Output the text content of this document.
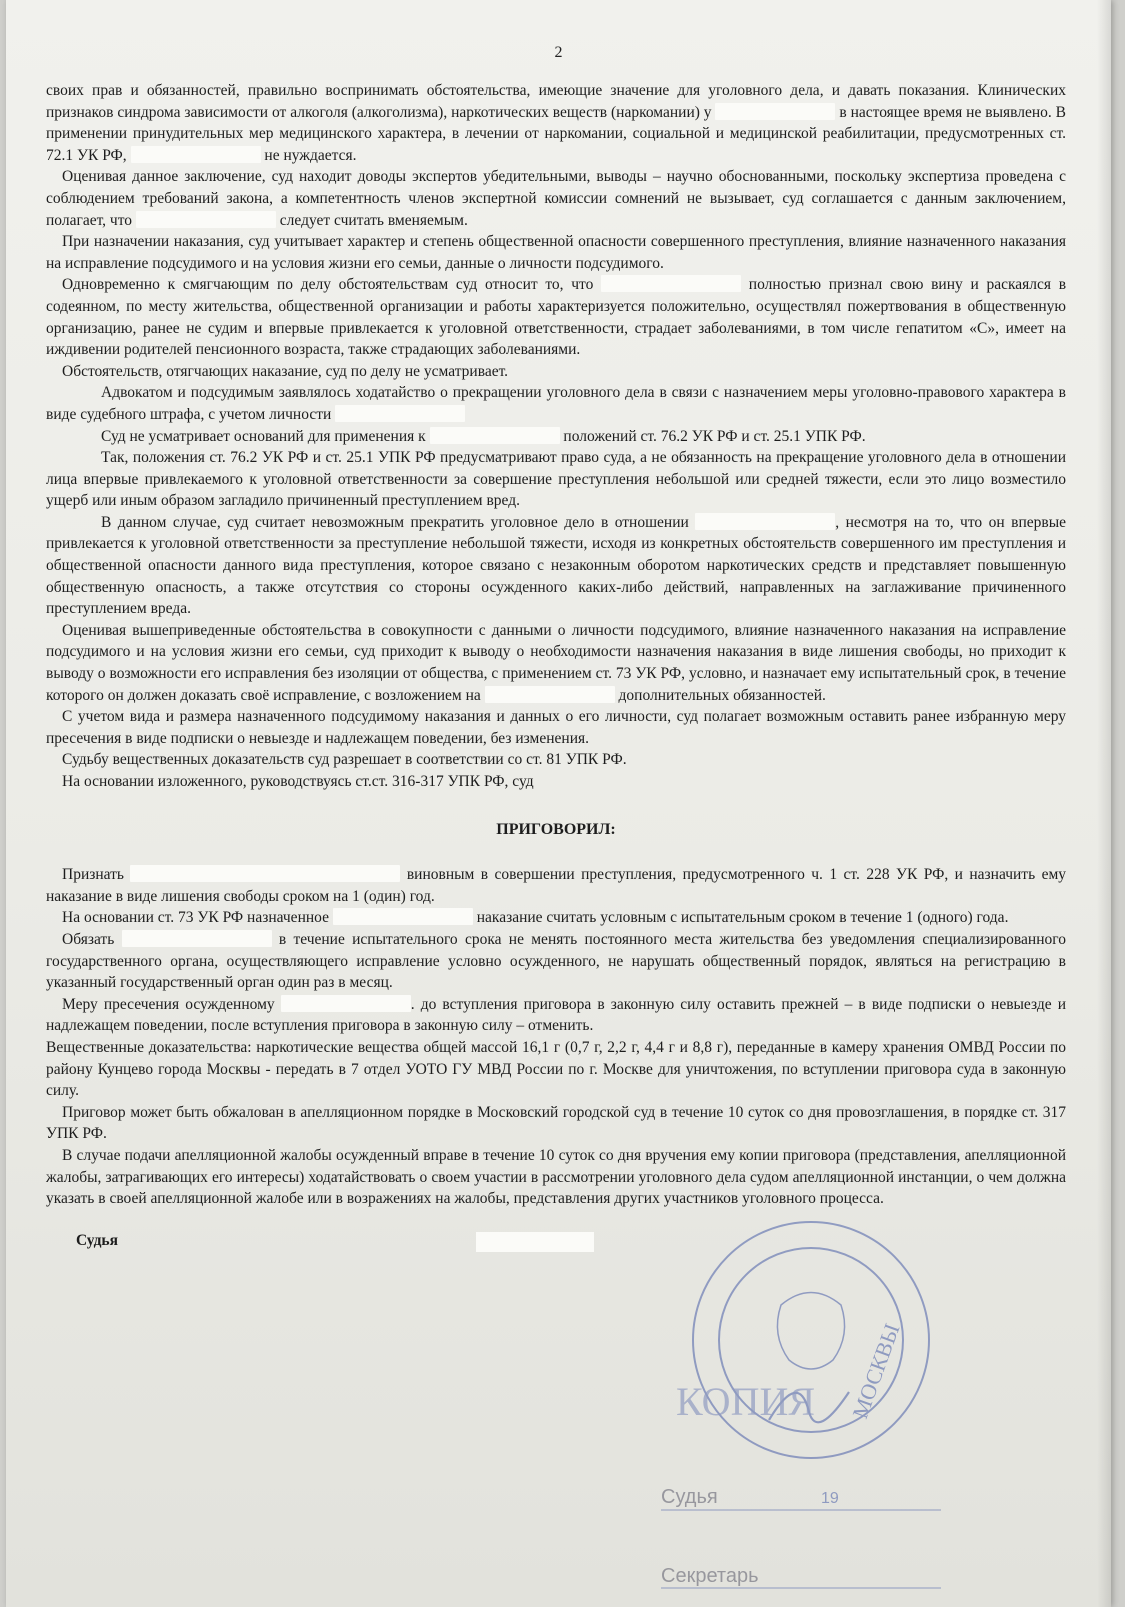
2

своих прав и обязанностей, правильно воспринимать обстоятельства, имеющие значение для уголовного дела, и давать показания. Клинических признаков синдрома зависимости от алкоголя (алкоголизма), наркотических веществ (наркомании) у	в настоящее время не выявлено. В применении принудительных мер медицинского характера, в лечении от наркомании, социальной и медицинской реабилитации, предусмотренных ст. 72.1 УК РФ,	не нуждается.

Оценивая данное заключение, суд находит доводы экспертов убедительными, выводы – научно обоснованными, поскольку экспертиза проведена с соблюдением требований закона, а компетентность членов экспертной комиссии сомнений не вызывает, суд соглашается с данным заключением, полагает, что	следует считать вменяемым.

При назначении наказания, суд учитывает характер и степень общественной опасности совершенного преступления, влияние назначенного наказания на исправление подсудимого и на условия жизни его семьи, данные о личности подсудимого.

Одновременно к смягчающим по делу обстоятельствам суд относит то, что	полностью признал свою вину и раскаялся в содеянном, по месту жительства, общественной организации и работы характеризуется положительно, осуществлял пожертвования в общественную организацию, ранее не судим и впервые привлекается к уголовной ответственности, страдает заболеваниями, в том числе гепатитом «С», имеет на иждивении родителей пенсионного возраста, также страдающих заболеваниями.

Обстоятельств, отягчающих наказание, суд по делу не усматривает.

Адвокатом и подсудимым заявлялось ходатайство о прекращении уголовного дела в связи с назначением меры уголовно-правового характера в виде судебного штрафа, с учетом личности

Суд не усматривает оснований для применения к	положений ст. 76.2 УК РФ и ст. 25.1 УПК РФ.

Так, положения ст. 76.2 УК РФ и ст. 25.1 УПК РФ предусматривают право суда, а не обязанность на прекращение уголовного дела в отношении лица впервые привлекаемого к уголовной ответственности за совершение преступления небольшой или средней тяжести, если это лицо возместило ущерб или иным образом загладило причиненный преступлением вред.

В данном случае, суд считает невозможным прекратить уголовное дело в отношении	, несмотря на то, что он впервые привлекается к уголовной ответственности за преступление небольшой тяжести, исходя из конкретных обстоятельств совершенного им преступления и общественной опасности данного вида преступления, которое связано с незаконным оборотом наркотических средств и представляет повышенную общественную опасность, а также отсутствия со стороны осужденного каких-либо действий, направленных на заглаживание причиненного преступлением вреда.

Оценивая вышеприведенные обстоятельства в совокупности с данными о личности подсудимого, влияние назначенного наказания на исправление подсудимого и на условия жизни его семьи, суд приходит к выводу о необходимости назначения наказания в виде лишения свободы, но приходит к выводу о возможности его исправления без изоляции от общества, с применением ст. 73 УК РФ, условно, и назначает ему испытательный срок, в течение которого он должен доказать своё исправление, с возложением на	дополнительных обязанностей.

С учетом вида и размера назначенного подсудимому наказания и данных о его личности, суд полагает возможным оставить ранее избранную меру пресечения в виде подписки о невыезде и надлежащем поведении, без изменения.

Судьбу вещественных доказательств суд разрешает в соответствии со ст. 81 УПК РФ.

На основании изложенного, руководствуясь ст.ст. 316-317 УПК РФ, суд

ПРИГОВОРИЛ:

Признать	виновным в совершении преступления, предусмотренного ч. 1 ст. 228 УК РФ, и назначить ему наказание в виде лишения свободы сроком на 1 (один) год.

На основании ст. 73 УК РФ назначенное	наказание считать условным с испытательным сроком в течение 1 (одного) года.

Обязать	в течение испытательного срока не менять постоянного места жительства без уведомления специализированного государственного органа, осуществляющего исправление условно осужденного, не нарушать общественный порядок, являться на регистрацию в указанный государственный орган один раз в месяц.

Меру пресечения осужденному	. до вступления приговора в законную силу оставить прежней – в виде подписки о невыезде и надлежащем поведении, после вступления приговора в законную силу – отменить.

Вещественные доказательства: наркотические вещества общей массой 16,1 г (0,7 г, 2,2 г, 4,4 г и 8,8 г), переданные в камеру хранения ОМВД России по району Кунцево города Москвы - передать в 7 отдел УОТО ГУ МВД России по г. Москве для уничтожения, по вступлении приговора суда в законную силу.

Приговор может быть обжалован в апелляционном порядке в Московский городской суд в течение 10 суток со дня провозглашения, в порядке ст. 317 УПК РФ.

В случае подачи апелляционной жалобы осужденный вправе в течение 10 суток со дня вручения ему копии приговора (представления, апелляционной жалобы, затрагивающих его интересы) ходатайствовать о своем участии в рассмотрении уголовного дела судом апелляционной инстанции, о чем должна указать в своей апелляционной жалобе или в возражениях на жалобы, представления других участников уголовного процесса.

Судья
МОСКВЫ
КОПИЯ
Судья	19
Секретарь
